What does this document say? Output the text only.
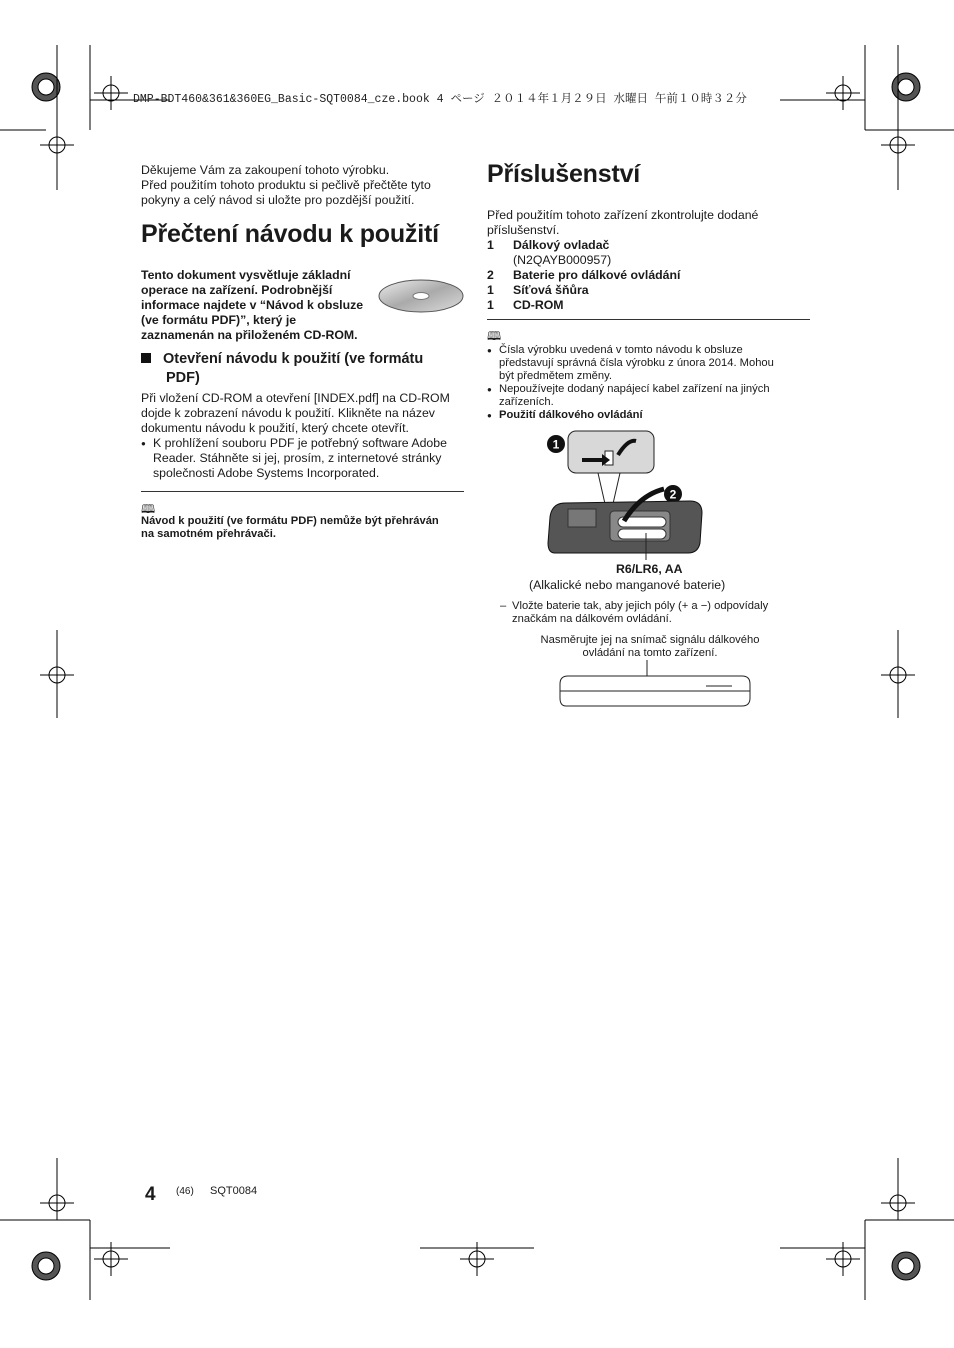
DMP-BDT460&361&360EG_Basic-SQT0084_cze.book 4 ページ ２０１４年１月２９日 水曜日 午前１０時３２分
Děkujeme Vám za zakoupení tohoto výrobku.
Před použitím tohoto produktu si pečlivě přečtěte tyto
pokyny a celý návod si uložte pro pozdější použití.
Přečtení návodu k použití
Tento dokument vysvětluje základní
operace na zařízení. Podrobnější
informace najdete v “Návod k obsluze
(ve formátu PDF)”, který je
zaznamenán na přiloženém CD-ROM.
Otevření návodu k použití (ve formátu
PDF)
Při vložení CD-ROM a otevření [INDEX.pdf] na CD-ROM
dojde k zobrazení návodu k použití. Klikněte na název
dokumentu návodu k použití, který chcete otevřít.
● K prohlížení souboru PDF je potřebný software Adobe
Reader. Stáhněte si jej, prosím, z internetové stránky
společnosti Adobe Systems Incorporated.
🕮
Návod k použití (ve formátu PDF) nemůže být přehráván
na samotném přehrávači.
Příslušenství
Před použitím tohoto zařízení zkontrolujte dodané
příslušenství.
1	Dálkový ovladač
(N2QAYB000957)
2	Baterie pro dálkové ovládání
1	Síťová šňůra
1	CD-ROM
🕮
● Čísla výrobku uvedená v tomto návodu k obsluze
představují správná čísla výrobku z února 2014. Mohou
být předmětem změny.
● Nepoužívejte dodaný napájecí kabel zařízení na jiných
zařízeních.
● Použití dálkového ovládání
1
2
R6/LR6, AA
(Alkalické nebo manganové baterie)
– Vložte baterie tak, aby jejich póly (+ a −) odpovídaly
značkám na dálkovém ovládání.
Nasměrujte jej na snímač signálu dálkového
ovládání na tomto zařízení.
4 (46) SQT0084
